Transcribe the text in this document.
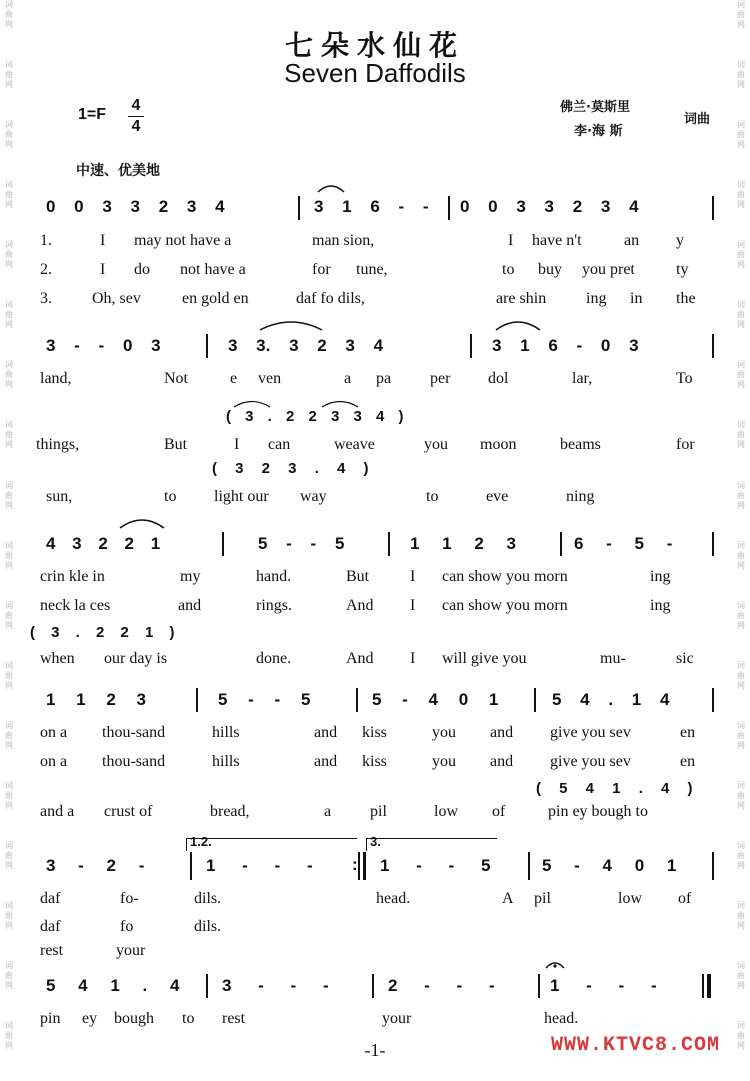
词
曲
网
词
曲
网
词
曲
网
词
曲
网
词
曲
网
词
曲
网
词
曲
网
词
曲
网
词
曲
网
词
曲
网
词
曲
网
词
曲
网
词
曲
网
词
曲
网
词
曲
网
词
曲
网
词
曲
网
词
曲
网
词
曲
网
词
曲
网
词
曲
网
词
曲
网
词
曲
网
词
曲
网
词
曲
网
词
曲
网
词
曲
网
词
曲
网
词
曲
网
词
曲
网
词
曲
网
词
曲
网
词
曲
网
词
曲
网
词
曲
网
词
曲
网
七朵水仙花
Seven Daffodils
1=F
4
4
佛兰·莫斯里
李·海 斯
词曲
中速、优美地
0 0 3 3 2 3 4	3 1 6 - - 0 0 3 3 2 3 4
1.	I may not have a	man sion,	I have n't	an y
2.	I do not have a	for tune,	to buy you pret	ty
3.	Oh, sev	en gold en	daf fo dils,	are shin ing in the
3 - - 0 3	3 3. 3 2 3 4	3 1 6 - 0 3
land,	Not	e ven	a pa per dol	lar,	To
( 3 . 2 2 3 3 4 )
things,	But	I can	weave	you moon	beams	for
( 3 2 3 . 4 )
sun,	to light our way	to	eve	ning
4 3 2 2 1	5 - - 5	1 1 2 3	6 - 5 -
crin kle in	my	hand.	But	I can show you morn	ing
neck la ces	and	rings.	And I can show you morn	ing
( 3 . 2 2 1 )
when our day is	done.	And I will give you	mu-	sic
1 1 2 3	5 - - 5	5 - 4 0 1	5 4 . 1 4
on a thou-sand	hills	and kiss	you and give you sev	en
on a thou-sand	hills	and kiss	you and give you sev	en
( 5 4 1 . 4 )
and a crust of	bread,	a pil	low of	pin ey bough to
1.2.	3.
3 - 2 -	1 - - - : 1 - - 5	5 - 4 0 1
daf	fo-	dils.	head.	A pil	low of
daf	fo	dils.
rest	your
5 4 1 . 4	3 - - -	2 - - -	1 - - -
pin ey bough to rest	your	head.
-1-	WWW.KTVC8.COM
